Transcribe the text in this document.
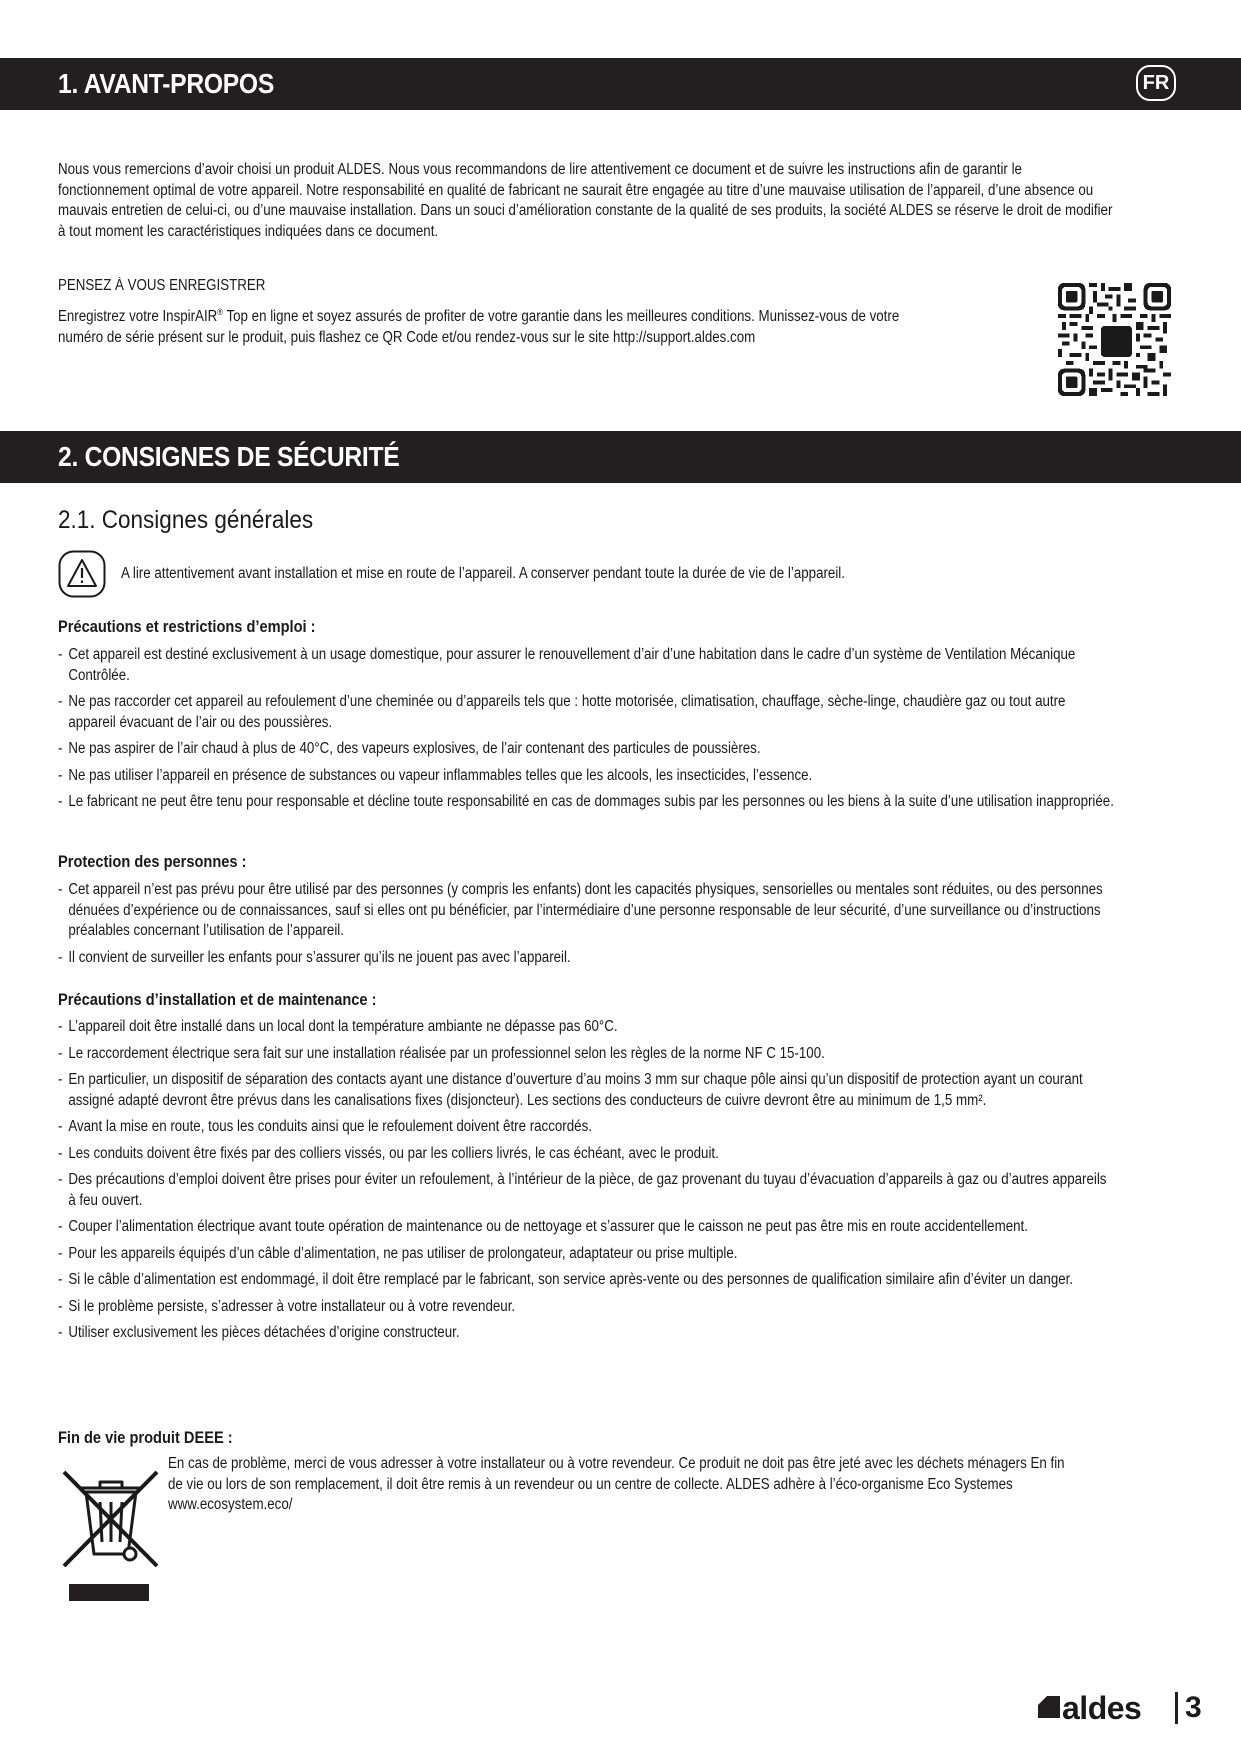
1. AVANT-PROPOS	FR
Nous vous remercions d’avoir choisi un produit ALDES. Nous vous recommandons de lire attentivement ce document et de suivre les instructions afin de garantir le fonctionnement optimal de votre appareil. Notre responsabilité en qualité de fabricant ne saurait être engagée au titre d’une mauvaise utilisation de l’appareil, d’une absence ou mauvais entretien de celui-ci, ou d’une mauvaise installation. Dans un souci d’amélioration constante de la qualité de ses produits, la société ALDES se réserve le droit de modifier à tout moment les caractéristiques indiquées dans ce document.
PENSEZ À VOUS ENREGISTRER
Enregistrez votre InspirAIR® Top en ligne et soyez assurés de profiter de votre garantie dans les meilleures conditions. Munissez-vous de votre numéro de série présent sur le produit, puis flashez ce QR Code et/ou rendez-vous sur le site http://support.aldes.com
2. CONSIGNES DE SÉCURITÉ
2.1. Consignes générales
A lire attentivement avant installation et mise en route de l’appareil. A conserver pendant toute la durée de vie de l’appareil.
Précautions et restrictions d’emploi :
- Cet appareil est destiné exclusivement à un usage domestique, pour assurer le renouvellement d’air d’une habitation dans le cadre d’un système de Ventilation Mécanique Contrôlée.
- Ne pas raccorder cet appareil au refoulement d’une cheminée ou d’appareils tels que : hotte motorisée, climatisation, chauffage, sèche-linge, chaudière gaz ou tout autre appareil évacuant de l’air ou des poussières.
- Ne pas aspirer de l’air chaud à plus de 40°C, des vapeurs explosives, de l’air contenant des particules de poussières.
- Ne pas utiliser l’appareil en présence de substances ou vapeur inflammables telles que les alcools, les insecticides, l’essence.
- Le fabricant ne peut être tenu pour responsable et décline toute responsabilité en cas de dommages subis par les personnes ou les biens à la suite d’une utilisation inappropriée.
Protection des personnes :
- Cet appareil n’est pas prévu pour être utilisé par des personnes (y compris les enfants) dont les capacités physiques, sensorielles ou mentales sont réduites, ou des personnes dénuées d’expérience ou de connaissances, sauf si elles ont pu bénéficier, par l’intermédiaire d’une personne responsable de leur sécurité, d’une surveillance ou d’instructions préalables concernant l’utilisation de l’appareil.
- Il convient de surveiller les enfants pour s’assurer qu’ils ne jouent pas avec l’appareil.
Précautions d’installation et de maintenance :
- L’appareil doit être installé dans un local dont la température ambiante ne dépasse pas 60°C.
- Le raccordement électrique sera fait sur une installation réalisée par un professionnel selon les règles de la norme NF C 15-100.
- En particulier, un dispositif de séparation des contacts ayant une distance d’ouverture d’au moins 3 mm sur chaque pôle ainsi qu’un dispositif de protection ayant un courant assigné adapté devront être prévus dans les canalisations fixes (disjoncteur). Les sections des conducteurs de cuivre devront être au minimum de 1,5 mm².
- Avant la mise en route, tous les conduits ainsi que le refoulement doivent être raccordés.
- Les conduits doivent être fixés par des colliers vissés, ou par les colliers livrés, le cas échéant, avec le produit.
- Des précautions d’emploi doivent être prises pour éviter un refoulement, à l’intérieur de la pièce, de gaz provenant du tuyau d’évacuation d’appareils à gaz ou d’autres appareils à feu ouvert.
- Couper l’alimentation électrique avant toute opération de maintenance ou de nettoyage et s’assurer que le caisson ne peut pas être mis en route accidentellement.
- Pour les appareils équipés d’un câble d’alimentation, ne pas utiliser de prolongateur, adaptateur ou prise multiple.
- Si le câble d’alimentation est endommagé, il doit être remplacé par le fabricant, son service après-vente ou des personnes de qualification similaire afin d’éviter un danger.
- Si le problème persiste, s’adresser à votre installateur ou à votre revendeur.
- Utiliser exclusivement les pièces détachées d’origine constructeur.
Fin de vie produit DEEE :
En cas de problème, merci de vous adresser à votre installateur ou à votre revendeur. Ce produit ne doit pas être jeté avec les déchets ménagers En fin de vie ou lors de son remplacement, il doit être remis à un revendeur ou un centre de collecte. ALDES adhère à l’éco-organisme Eco Systemes www.ecosystem.eco/
aldes 3
